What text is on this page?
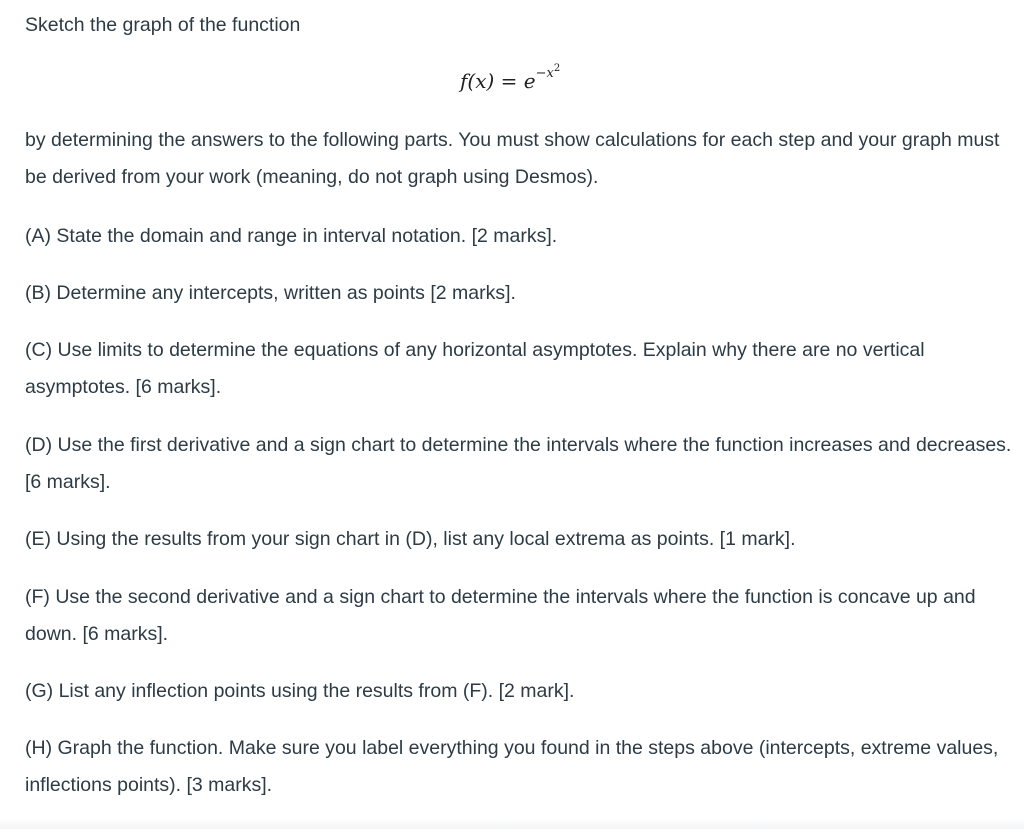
Sketch the graph of the function

$f(x) = e^{-x2}$

by determining the answers to the following parts. You must show calculations for each step and your graph must be derived from your work (meaning, do not graph using Desmos).

(A) State the domain and range in interval notation. [2 marks].

(B) Determine any intercepts, written as points [2 marks].

(C) Use limits to determine the equations of any horizontal asymptotes. Explain why there are no vertical asymptotes. [6 marks].

(D) Use the first derivative and a sign chart to determine the intervals where the function increases and decreases. [6 marks].

(E) Using the results from your sign chart in (D), list any local extrema as points. [1 mark].

(F) Use the second derivative and a sign chart to determine the intervals where the function is concave up and down. [6 marks].

(G) List any inflection points using the results from (F). [2 mark].

(H) Graph the function. Make sure you label everything you found in the steps above (intercepts, extreme values, inflections points). [3 marks].
